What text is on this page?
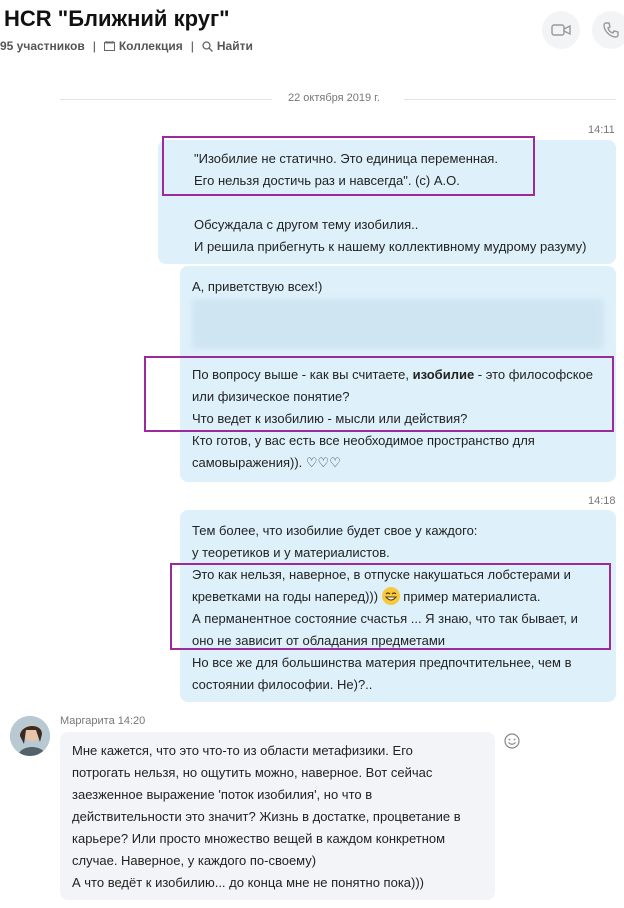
HCR "Ближний круг"
95 участников | Коллекция | Найти
22 октября 2019 г.
14:11

"Изобилие не статично. Это единица переменная.

Его нельзя достичь раз и навсегда". (с) А.О.

Обсуждала с другом тему изобилия..

И решила прибегнуть к нашему коллективному мудрому разуму)

А, приветствую всех!)

По вопросу выше - как вы считаете, изобилие - это философское

или физическое понятие?

Что ведет к изобилию - мысли или действия?

Кто готов, у вас есть все необходимое пространство для

самовыражения)). ♡♡♡

14:18

Тем более, что изобилие будет свое у каждого:

у теоретиков и у материалистов.

Это как нельзя, наверное, в отпуске накушаться лобстерами и

креветками на годы наперед)))
пример материалиста.

А перманентное состояние счастья ... Я знаю, что так бывает, и

оно не зависит от обладания предметами

Но все же для большинства материя предпочтительнее, чем в

состоянии философии. Не)?..

Маргарита 14:20

Мне кажется, что это что-то из области метафизики. Его

потрогать нельзя, но ощутить можно, наверное. Вот сейчас

заезженное выражение 'поток изобилия', но что в

действительности это значит? Жизнь в достатке, процветание в

карьере? Или просто множество вещей в каждом конкретном

случае. Наверное, у каждого по-своему)

А что ведёт к изобилию... до конца мне не понятно пока)))
